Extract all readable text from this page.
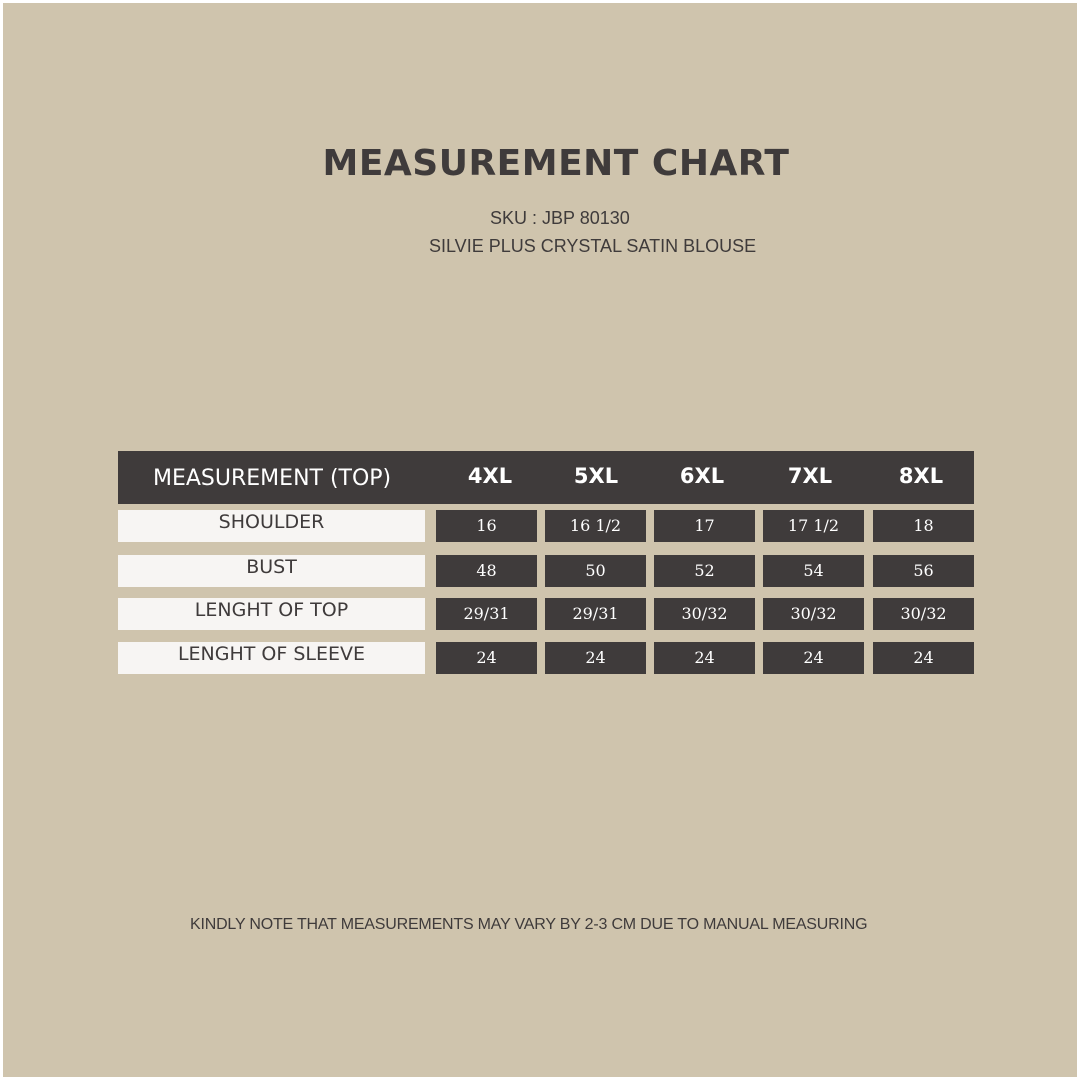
MEASUREMENT CHART
SKU : JBP 80130
SILVIE PLUS CRYSTAL SATIN BLOUSE
MEASUREMENT (TOP)	4XL	5XL	6XL	7XL	8XL
SHOULDER	16	16 1/2	17	17 1/2	18
BUST	48	50	52	54	56
LENGHT OF TOP	29/31	29/31	30/32	30/32	30/32
LENGHT OF SLEEVE	24	24	24	24	24
KINDLY NOTE THAT MEASUREMENTS MAY VARY BY 2-3 CM DUE TO MANUAL MEASURING
